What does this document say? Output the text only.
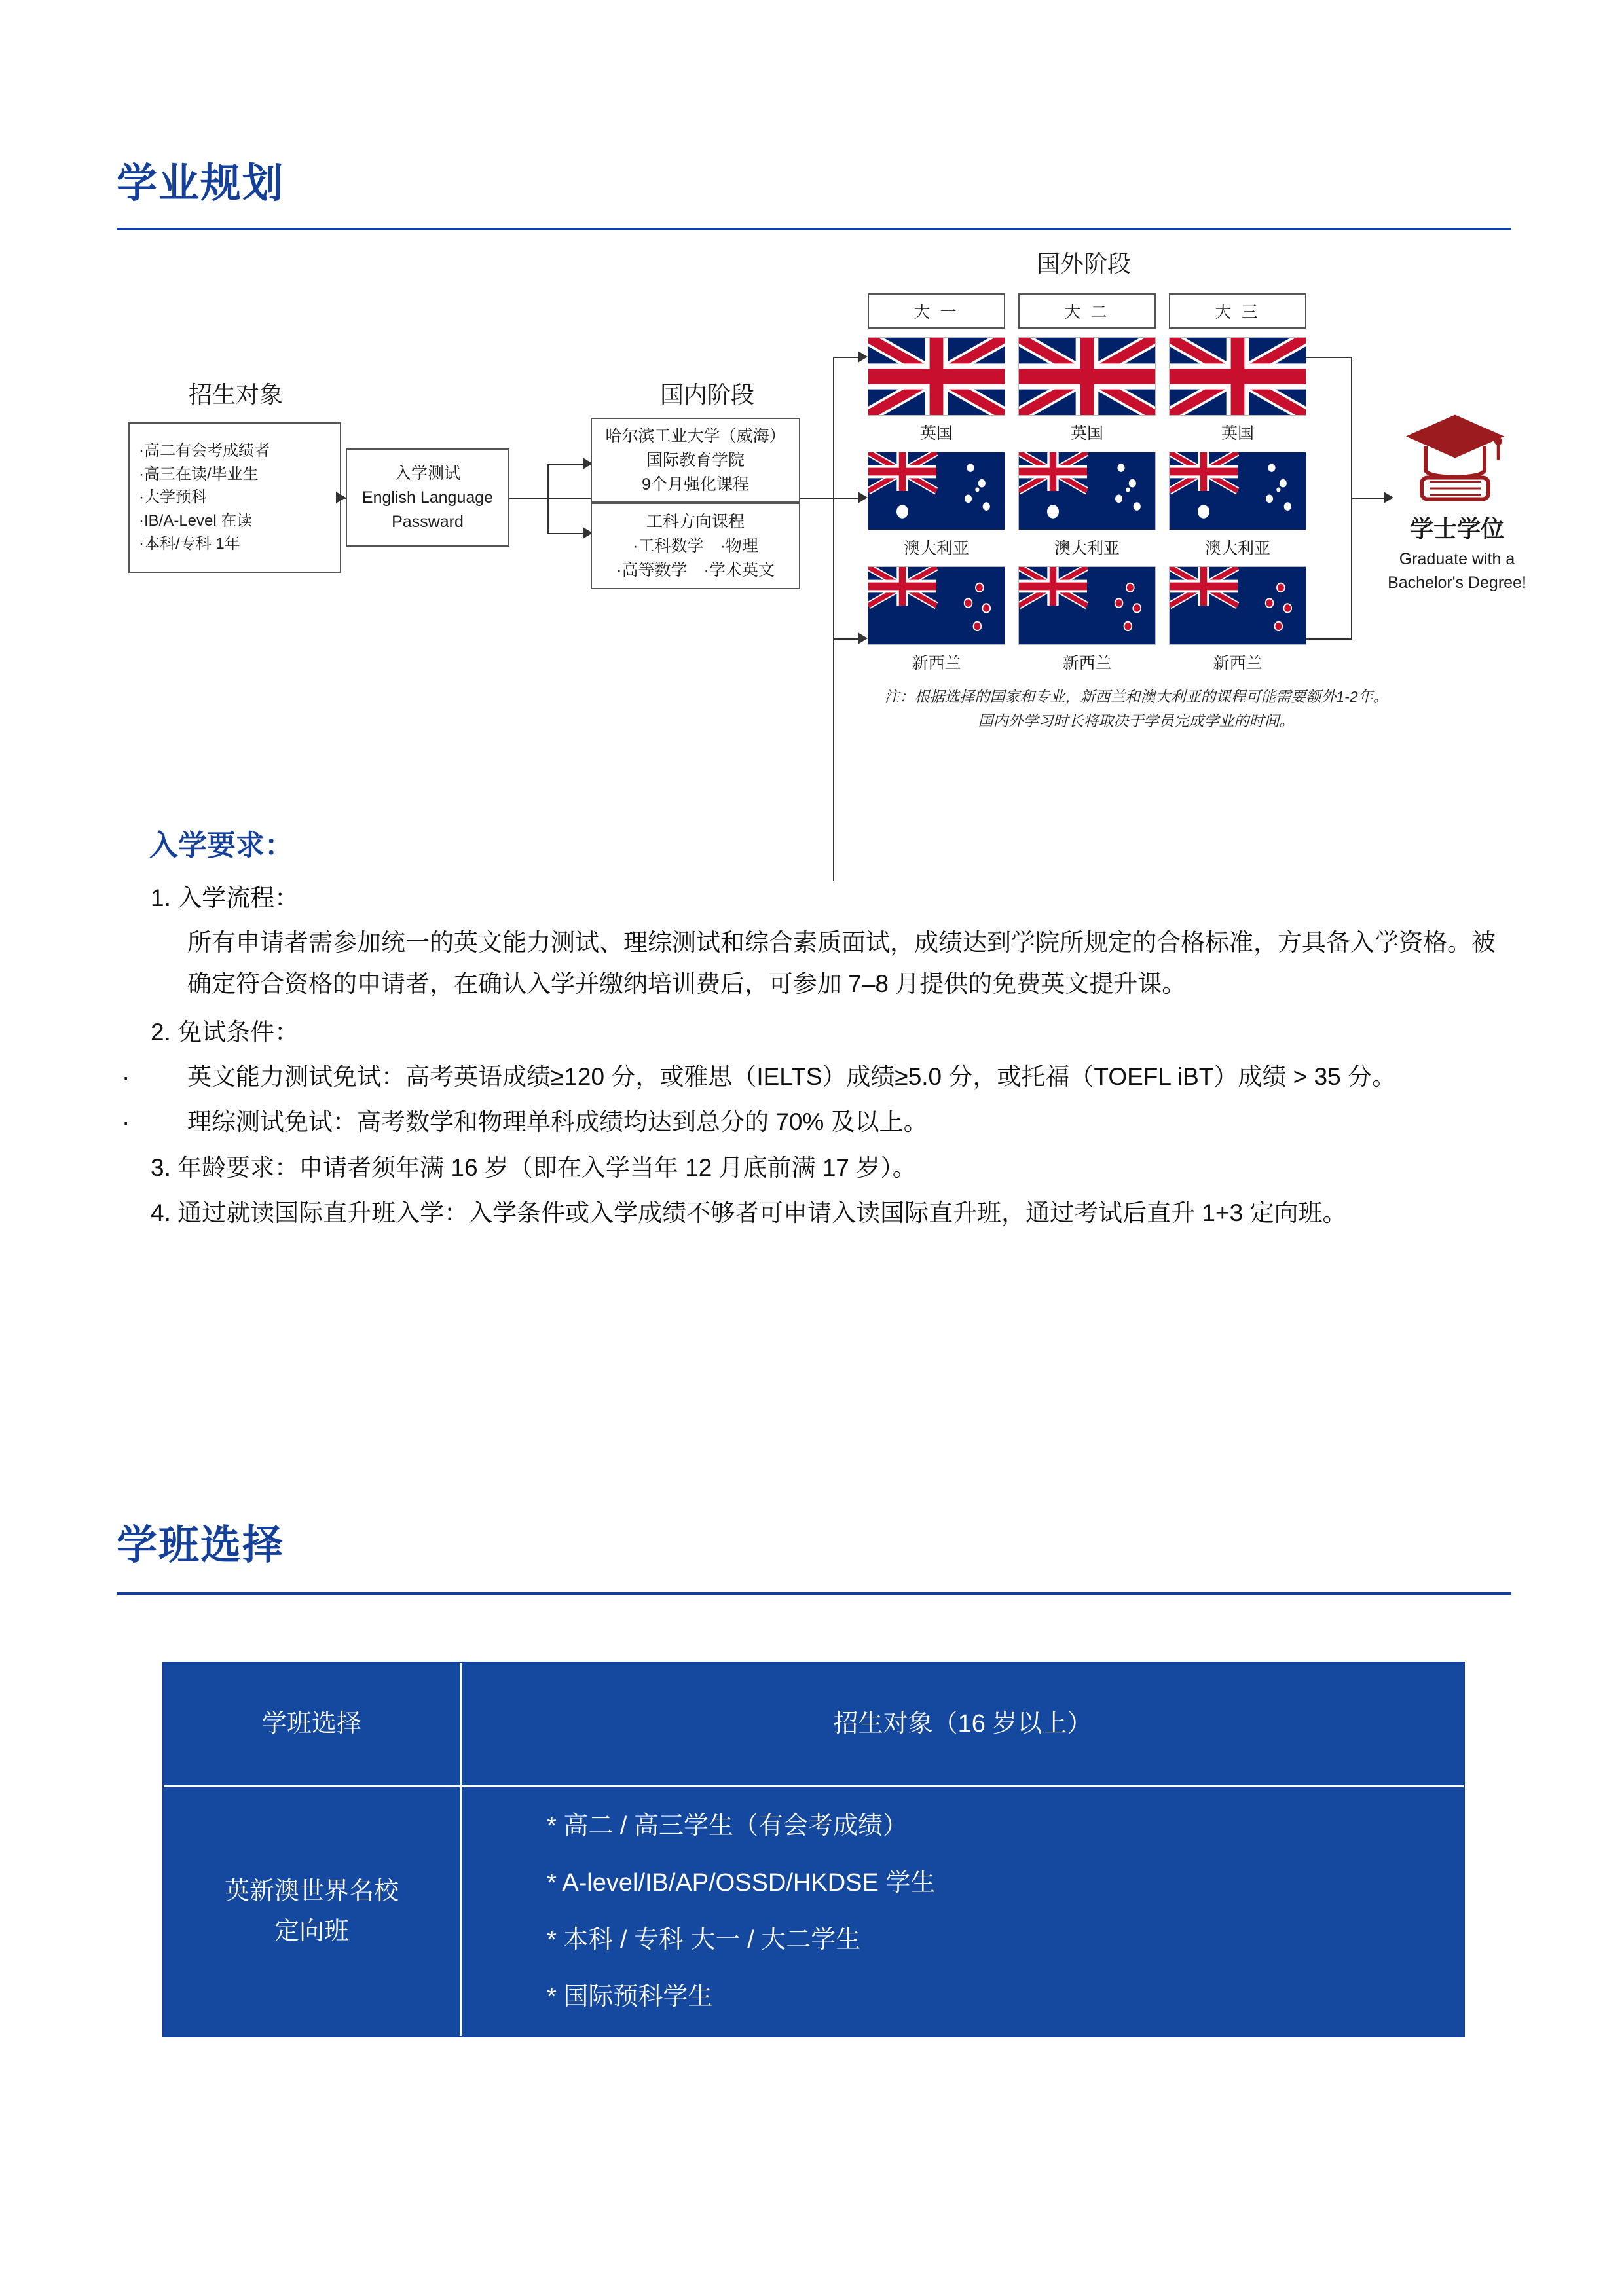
学业规划
国外阶段
大 一	大 二	大 三
招生对象
·高二有会考成绩者
·高三在读/毕业生
·大学预科
·IB/A-Level 在读
·本科/专科 1年
入学测试
English Language
Passward
国内阶段
哈尔滨工业大学（威海）
国际教育学院
9个月强化课程
工科方向课程
·工科数学　·物理
·高等数学　·学术英文
英国	英国	英国
澳大利亚	澳大利亚	澳大利亚
新西兰	新西兰	新西兰
学士学位
Graduate with a
Bachelor's Degree!
注：根据选择的国家和专业，新西兰和澳大利亚的课程可能需要额外1-2年。
国内外学习时长将取决于学员完成学业的时间。
入学要求：
1. 入学流程：
所有申请者需参加统一的英文能力测试、理综测试和综合素质面试，成绩达到学院所规定的合格标准，方具备入学资格。被确定符合资格的申请者，在确认入学并缴纳培训费后，可参加 7–8 月提供的免费英文提升课。
2. 免试条件：
· 英文能力测试免试：高考英语成绩≥120 分，或雅思（IELTS）成绩≥5.0 分，或托福（TOEFL iBT）成绩 > 35 分。
· 理综测试免试：高考数学和物理单科成绩均达到总分的 70% 及以上。
3. 年龄要求：申请者须年满 16 岁（即在入学当年 12 月底前满 17 岁）。
4. 通过就读国际直升班入学：入学条件或入学成绩不够者可申请入读国际直升班，通过考试后直升 1+3 定向班。
学班选择
学班选择	招生对象（16 岁以上）
英新澳世界名校
定向班
* 高二 / 高三学生（有会考成绩）
* A-level/IB/AP/OSSD/HKDSE 学生
* 本科 / 专科 大一 / 大二学生
* 国际预科学生
